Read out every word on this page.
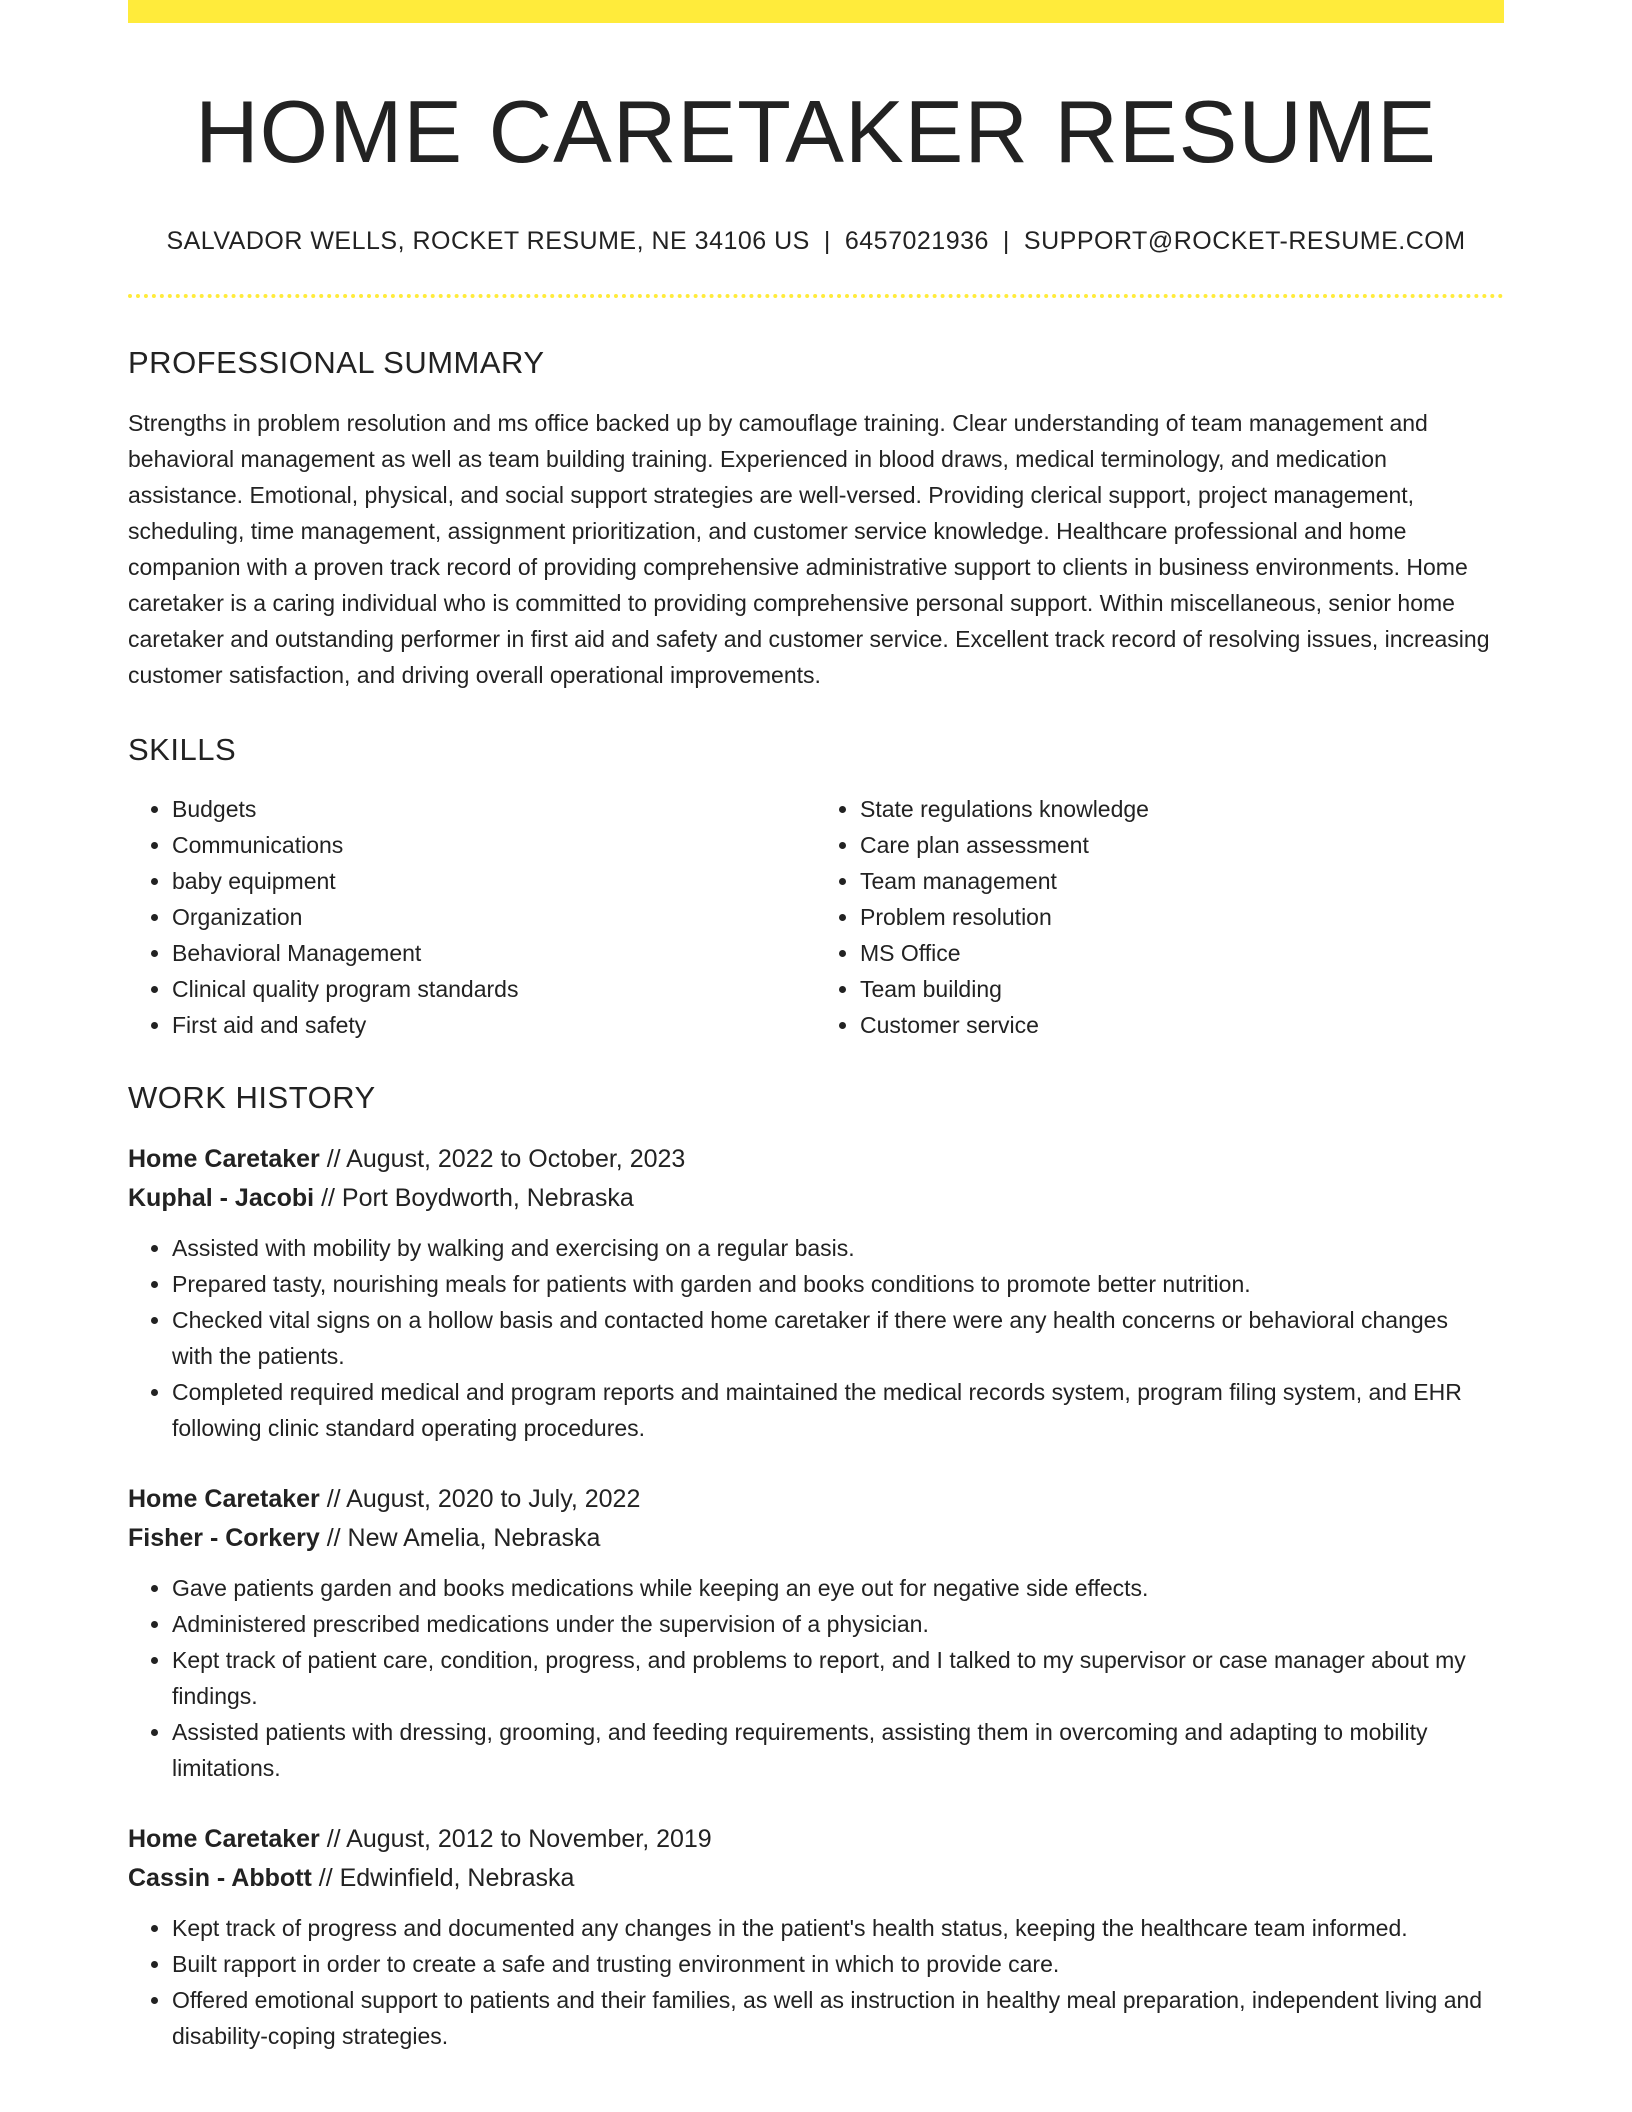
HOME CARETAKER RESUME
SALVADOR WELLS, ROCKET RESUME, NE 34106 US | 6457021936 | SUPPORT@ROCKET-RESUME.COM
PROFESSIONAL SUMMARY

Strengths in problem resolution and ms office backed up by camouflage training. Clear understanding of team management and behavioral management as well as team building training. Experienced in blood draws, medical terminology, and medication assistance. Emotional, physical, and social support strategies are well-versed. Providing clerical support, project management, scheduling, time management, assignment prioritization, and customer service knowledge. Healthcare professional and home companion with a proven track record of providing comprehensive administrative support to clients in business environments. Home caretaker is a caring individual who is committed to providing comprehensive personal support. Within miscellaneous, senior home caretaker and outstanding performer in first aid and safety and customer service. Excellent track record of resolving issues, increasing customer satisfaction, and driving overall operational improvements.

SKILLS
• Budgets
• Communications
• baby equipment
• Organization
• Behavioral Management
• Clinical quality program standards
• First aid and safety
• State regulations knowledge
• Care plan assessment
• Team management
• Problem resolution
• MS Office
• Team building
• Customer service
WORK HISTORY
Home Caretaker // August, 2022 to October, 2023
Kuphal - Jacobi // Port Boydworth, Nebraska
• Assisted with mobility by walking and exercising on a regular basis.
• Prepared tasty, nourishing meals for patients with garden and books conditions to promote better nutrition.
• Checked vital signs on a hollow basis and contacted home caretaker if there were any health concerns or behavioral changes with the patients.
• Completed required medical and program reports and maintained the medical records system, program filing system, and EHR following clinic standard operating procedures.
Home Caretaker // August, 2020 to July, 2022
Fisher - Corkery // New Amelia, Nebraska
• Gave patients garden and books medications while keeping an eye out for negative side effects.
• Administered prescribed medications under the supervision of a physician.
• Kept track of patient care, condition, progress, and problems to report, and I talked to my supervisor or case manager about my findings.
• Assisted patients with dressing, grooming, and feeding requirements, assisting them in overcoming and adapting to mobility limitations.
Home Caretaker // August, 2012 to November, 2019
Cassin - Abbott // Edwinfield, Nebraska
• Kept track of progress and documented any changes in the patient's health status, keeping the healthcare team informed.
• Built rapport in order to create a safe and trusting environment in which to provide care.
• Offered emotional support to patients and their families, as well as instruction in healthy meal preparation, independent living and disability-coping strategies.
